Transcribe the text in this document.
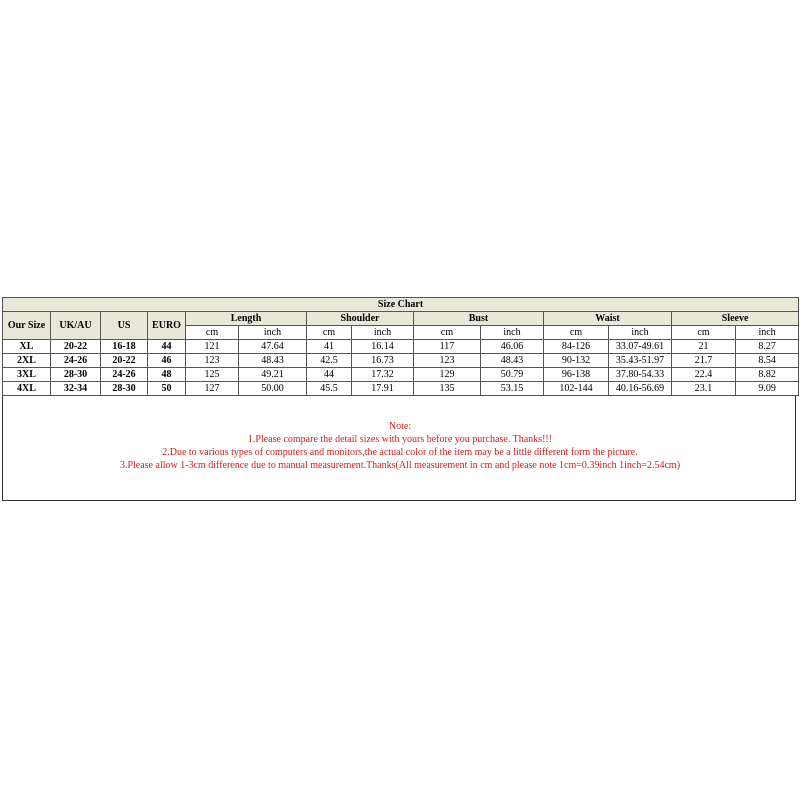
Size Chart													
Our Size	UK/AU	US	EURO	Length		Shoulder		Bust		Waist		Sleeve	
				cm	inch	cm	inch	cm	inch	cm	inch	cm	inch
XL	20-22	16-18	44	121	47.64	41	16.14	117	46.06	84-126	33.07-49.61	21	8.27
2XL	24-26	20-22	46	123	48.43	42.5	16.73	123	48.43	90-132	35.43-51.97	21.7	8.54
3XL	28-30	24-26	48	125	49.21	44	17.32	129	50.79	96-138	37.80-54.33	22.4	8.82
4XL	32-34	28-30	50	127	50.00	45.5	17.91	135	53.15	102-144	40.16-56.69	23.1	9.09
Note:
1.Please compare the detail sizes with yours before you purchase. Thanks!!!
2.Due to various types of computers and monitors,the actual color of the item may be a little different form the picture.
3.Please allow 1-3cm difference due to manual measurement.Thanks(All measurement in cm and please note 1cm=0.39inch 1inch=2.54cm)
